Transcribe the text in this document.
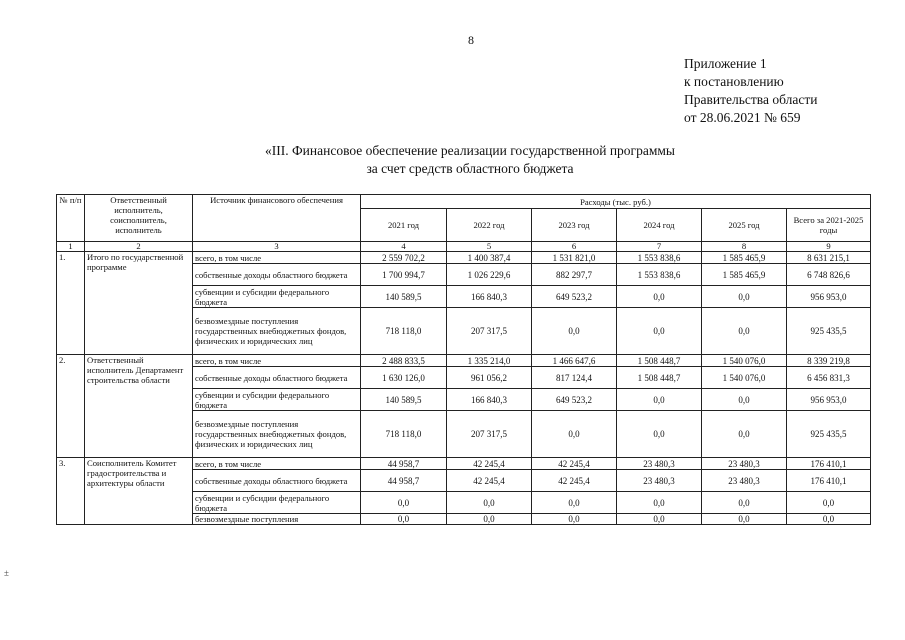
8
Приложение 1
к постановлению
Правительства области
от 28.06.2021 № 659
«III. Финансовое обеспечение реализации государственной программы
за счет средств областного бюджета
№ п/п	Ответственный исполнитель, соисполнитель, исполнитель	Источник финансового обеспечения	Расходы (тыс. руб.)					
			2021 год	2022 год	2023 год	2024 год	2025 год	Всего за 2021-2025 годы
1	2	3	4	5	6	7	8	9
1.	Итого по государственной программе	всего, в том числе	2 559 702,2	1 400 387,4	1 531 821,0	1 553 838,6	1 585 465,9	8 631 215,1
		собственные доходы областного бюджета	1 700 994,7	1 026 229,6	882 297,7	1 553 838,6	1 585 465,9	6 748 826,6
		субвенции и субсидии федерального бюджета	140 589,5	166 840,3	649 523,2	0,0	0,0	956 953,0
		безвозмездные поступления государственных внебюджетных фондов, физических и юридических лиц	718 118,0	207 317,5	0,0	0,0	0,0	925 435,5
2.	Ответственный исполнитель Департамент строительства области	всего, в том числе	2 488 833,5	1 335 214,0	1 466 647,6	1 508 448,7	1 540 076,0	8 339 219,8
		собственные доходы областного бюджета	1 630 126,0	961 056,2	817 124,4	1 508 448,7	1 540 076,0	6 456 831,3
		субвенции и субсидии федерального бюджета	140 589,5	166 840,3	649 523,2	0,0	0,0	956 953,0
		безвозмездные поступления государственных внебюджетных фондов, физических и юридических лиц	718 118,0	207 317,5	0,0	0,0	0,0	925 435,5
3.	Соисполнитель Комитет градостроительства и архитектуры области	всего, в том числе	44 958,7	42 245,4	42 245,4	23 480,3	23 480,3	176 410,1
		собственные доходы областного бюджета	44 958,7	42 245,4	42 245,4	23 480,3	23 480,3	176 410,1
		субвенции и субсидии федерального бюджета	0,0	0,0	0,0	0,0	0,0	0,0
		безвозмездные поступления	0,0	0,0	0,0	0,0	0,0	0,0
±
